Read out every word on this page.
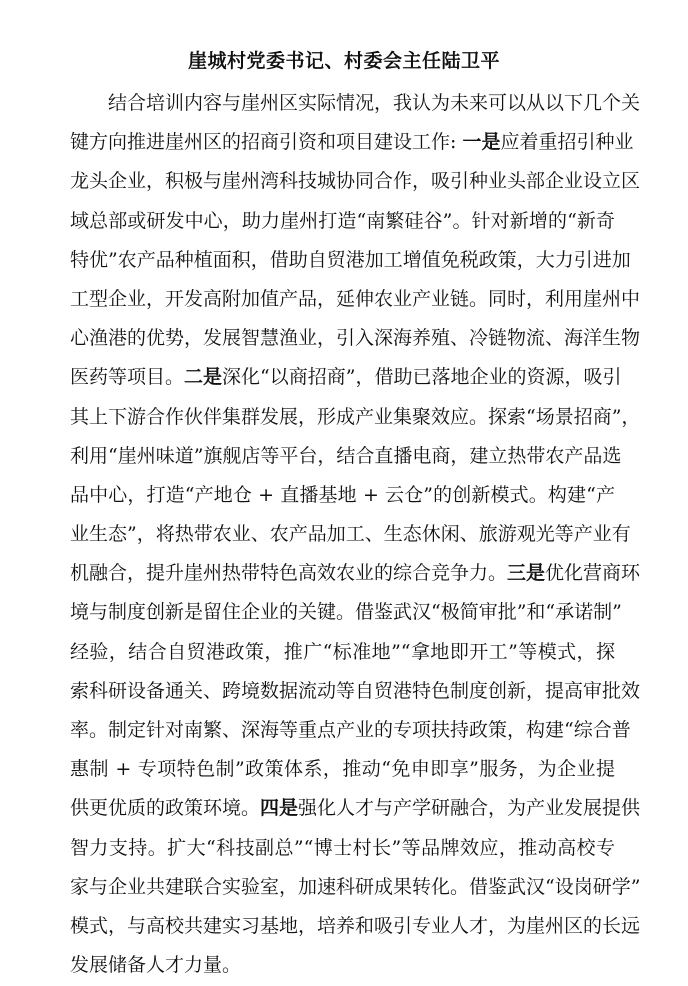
崖城村党委书记、村委会主任陆卫平
结合培训内容与崖州区实际情况，我认为未来可以从以下几个关
键方向推进崖州区的招商引资和项目建设工作: 一是应着重招引种业
龙头企业，积极与崖州湾科技城协同合作，吸引种业头部企业设立区
域总部或研发中心，助力崖州打造“南繁硅谷”。针对新增的“新奇
特优”农产品种植面积，借助自贸港加工增值免税政策，大力引进加
工型企业，开发高附加值产品，延伸农业产业链。同时，利用崖州中
心渔港的优势，发展智慧渔业，引入深海养殖、冷链物流、海洋生物
医药等项目。二是深化“以商招商”，借助已落地企业的资源，吸引
其上下游合作伙伴集群发展，形成产业集聚效应。探索“场景招商”，
利用“崖州味道”旗舰店等平台，结合直播电商，建立热带农产品选
品中心，打造“产地仓 + 直播基地 + 云仓”的创新模式。构建“产
业生态”，将热带农业、农产品加工、生态休闲、旅游观光等产业有
机融合，提升崖州热带特色高效农业的综合竞争力。三是优化营商环
境与制度创新是留住企业的关键。借鉴武汉“极简审批”和“承诺制”
经验，结合自贸港政策，推广“标准地”“拿地即开工”等模式，探
索科研设备通关、跨境数据流动等自贸港特色制度创新，提高审批效
率。制定针对南繁、深海等重点产业的专项扶持政策，构建“综合普
惠制 + 专项特色制”政策体系，推动“免申即享”服务，为企业提
供更优质的政策环境。四是强化人才与产学研融合，为产业发展提供
智力支持。扩大“科技副总”“博士村长”等品牌效应，推动高校专
家与企业共建联合实验室，加速科研成果转化。借鉴武汉“设岗研学”
模式，与高校共建实习基地，培养和吸引专业人才，为崖州区的长远
发展储备人才力量。
